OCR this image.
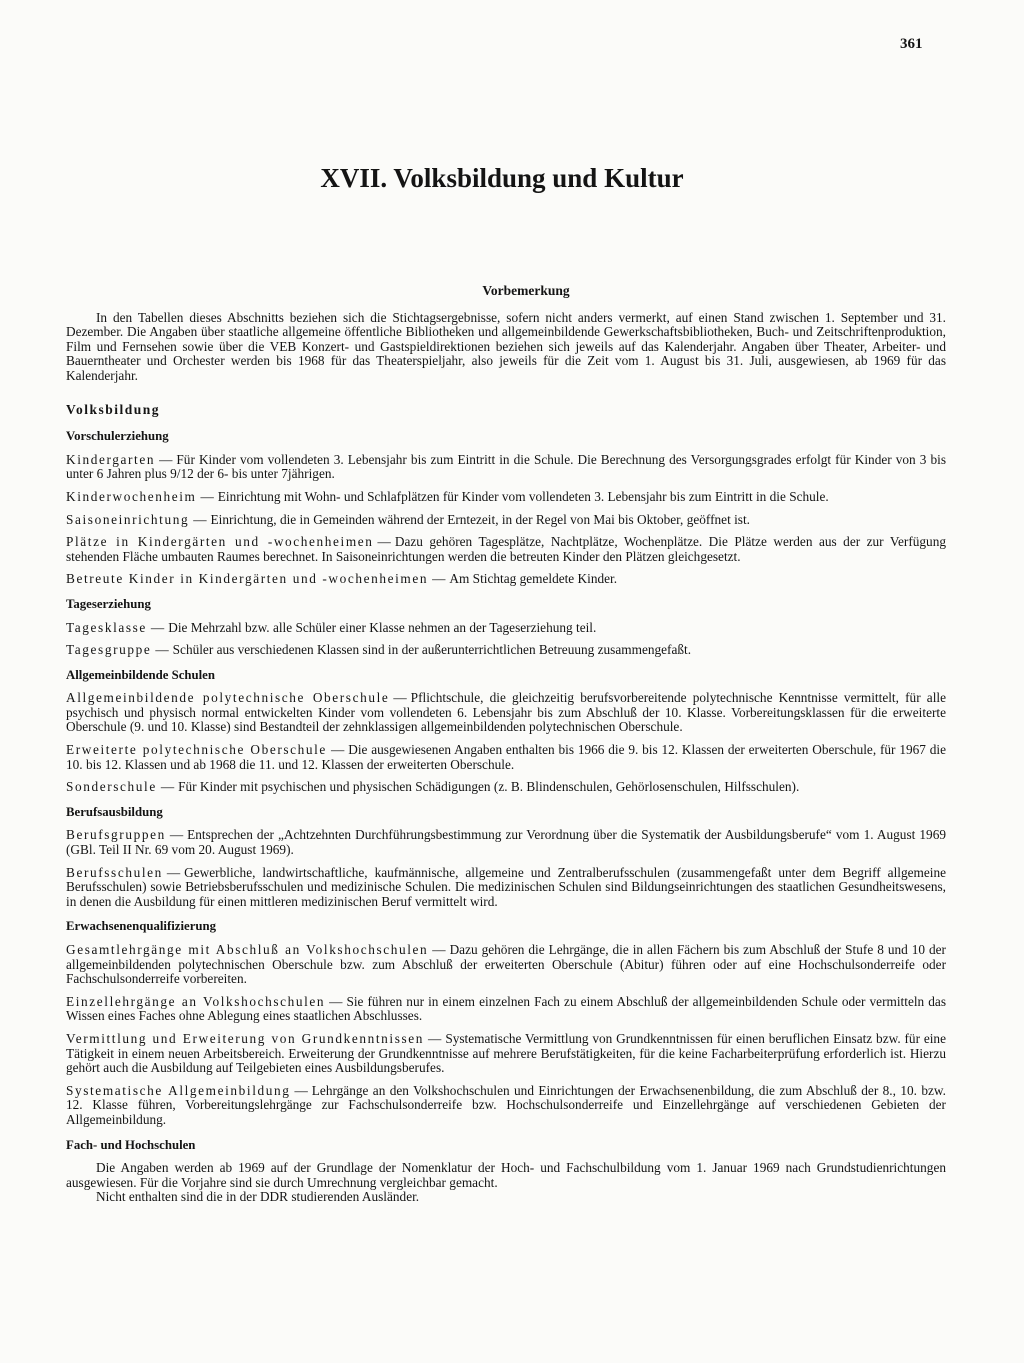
361
XVII. Volksbildung und Kultur
Vorbemerkung

In den Tabellen dieses Abschnitts beziehen sich die Stichtagsergebnisse, sofern nicht anders vermerkt, auf einen Stand zwischen 1. September und 31. Dezember. Die Angaben über staatliche allgemeine öffentliche Bibliotheken und allgemeinbildende Gewerkschaftsbibliotheken, Buch- und Zeitschriftenproduktion, Film und Fernsehen sowie über die VEB Konzert- und Gastspieldirektionen beziehen sich jeweils auf das Kalenderjahr. Angaben über Theater, Arbeiter- und Bauerntheater und Orchester werden bis 1968 für das Theaterspieljahr, also jeweils für die Zeit vom 1. August bis 31. Juli, ausgewiesen, ab 1969 für das Kalenderjahr.

Volksbildung
Vorschulerziehung

Kindergarten — Für Kinder vom vollendeten 3. Lebensjahr bis zum Eintritt in die Schule. Die Berechnung des Versorgungsgrades erfolgt für Kinder von 3 bis unter 6 Jahren plus 9/12 der 6- bis unter 7jährigen.

Kinderwochenheim — Einrichtung mit Wohn- und Schlafplätzen für Kinder vom vollendeten 3. Lebensjahr bis zum Eintritt in die Schule.

Saisoneinrichtung — Einrichtung, die in Gemeinden während der Erntezeit, in der Regel von Mai bis Oktober, geöffnet ist.

Plätze in Kindergärten und -wochenheimen — Dazu gehören Tagesplätze, Nachtplätze, Wochenplätze. Die Plätze werden aus der zur Verfügung stehenden Fläche umbauten Raumes berechnet. In Saisoneinrichtungen werden die betreuten Kinder den Plätzen gleichgesetzt.

Betreute Kinder in Kindergärten und -wochenheimen — Am Stichtag gemeldete Kinder.

Tageserziehung

Tagesklasse — Die Mehrzahl bzw. alle Schüler einer Klasse nehmen an der Tageserziehung teil.

Tagesgruppe — Schüler aus verschiedenen Klassen sind in der außerunterrichtlichen Betreuung zusammengefaßt.

Allgemeinbildende Schulen

Allgemeinbildende polytechnische Oberschule — Pflichtschule, die gleichzeitig berufsvorbereitende polytechnische Kenntnisse vermittelt, für alle psychisch und physisch normal entwickelten Kinder vom vollendeten 6. Lebensjahr bis zum Abschluß der 10. Klasse. Vorbereitungsklassen für die erweiterte Oberschule (9. und 10. Klasse) sind Bestandteil der zehnklassigen allgemeinbildenden polytechnischen Oberschule.

Erweiterte polytechnische Oberschule — Die ausgewiesenen Angaben enthalten bis 1966 die 9. bis 12. Klassen der erweiterten Oberschule, für 1967 die 10. bis 12. Klassen und ab 1968 die 11. und 12. Klassen der erweiterten Oberschule.

Sonderschule — Für Kinder mit psychischen und physischen Schädigungen (z. B. Blindenschulen, Gehörlosenschulen, Hilfsschulen).

Berufsausbildung

Berufsgruppen — Entsprechen der „Achtzehnten Durchführungsbestimmung zur Verordnung über die Systematik der Ausbildungsberufe“ vom 1. August 1969 (GBl. Teil II Nr. 69 vom 20. August 1969).

Berufsschulen — Gewerbliche, landwirtschaftliche, kaufmännische, allgemeine und Zentralberufsschulen (zusammengefaßt unter dem Begriff allgemeine Berufsschulen) sowie Betriebsberufsschulen und medizinische Schulen. Die medizinischen Schulen sind Bildungseinrichtungen des staatlichen Gesundheitswesens, in denen die Ausbildung für einen mittleren medizinischen Beruf vermittelt wird.

Erwachsenenqualifizierung

Gesamtlehrgänge mit Abschluß an Volkshochschulen — Dazu gehören die Lehrgänge, die in allen Fächern bis zum Abschluß der Stufe 8 und 10 der allgemeinbildenden polytechnischen Oberschule bzw. zum Abschluß der erweiterten Oberschule (Abitur) führen oder auf eine Hochschulsonderreife oder Fachschulsonderreife vorbereiten.

Einzellehrgänge an Volkshochschulen — Sie führen nur in einem einzelnen Fach zu einem Abschluß der allgemeinbildenden Schule oder vermitteln das Wissen eines Faches ohne Ablegung eines staatlichen Abschlusses.

Vermittlung und Erweiterung von Grundkenntnissen — Systematische Vermittlung von Grundkenntnissen für einen beruflichen Einsatz bzw. für eine Tätigkeit in einem neuen Arbeitsbereich. Erweiterung der Grundkenntnisse auf mehrere Berufstätigkeiten, für die keine Facharbeiterprüfung erforderlich ist. Hierzu gehört auch die Ausbildung auf Teilgebieten eines Ausbildungsberufes.

Systematische Allgemeinbildung — Lehrgänge an den Volkshochschulen und Einrichtungen der Erwachsenenbildung, die zum Abschluß der 8., 10. bzw. 12. Klasse führen, Vorbereitungslehrgänge zur Fachschulsonderreife bzw. Hochschulsonderreife und Einzellehrgänge auf verschiedenen Gebieten der Allgemeinbildung.

Fach- und Hochschulen

Die Angaben werden ab 1969 auf der Grundlage der Nomenklatur der Hoch- und Fachschulbildung vom 1. Januar 1969 nach Grundstudienrichtungen ausgewiesen. Für die Vorjahre sind sie durch Umrechnung vergleichbar gemacht.

Nicht enthalten sind die in der DDR studierenden Ausländer.
